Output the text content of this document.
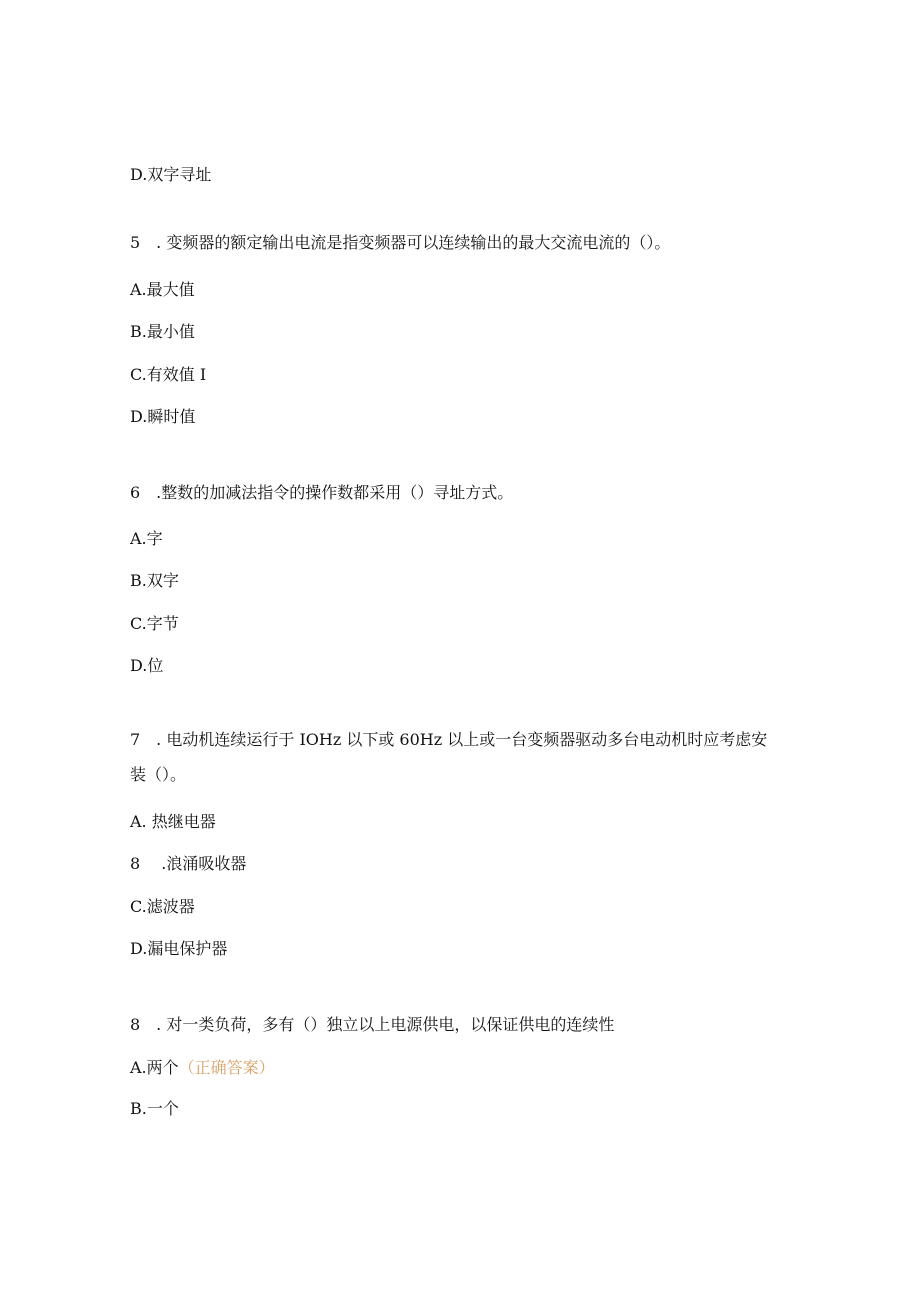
D.双字寻址
5　. 变频器的额定输出电流是指变频器可以连续输出的最大交流电流的（）。
A.最大值
B.最小值
C.有效值 I
D.瞬时值
6　.整数的加减法指令的操作数都采用（）寻址方式。
A.字
B.双字
C.字节
D.位
7　. 电动机连续运行于 IOHz 以下或 60Hz 以上或一台变频器驱动多台电动机时应考虑安
装（）。
A. 热继电器
8　 .浪涌吸收器
C.滤波器
D.漏电保护器
8　. 对一类负荷，多有（）独立以上电源供电，以保证供电的连续性
A.两个（正确答案）
B.一个
